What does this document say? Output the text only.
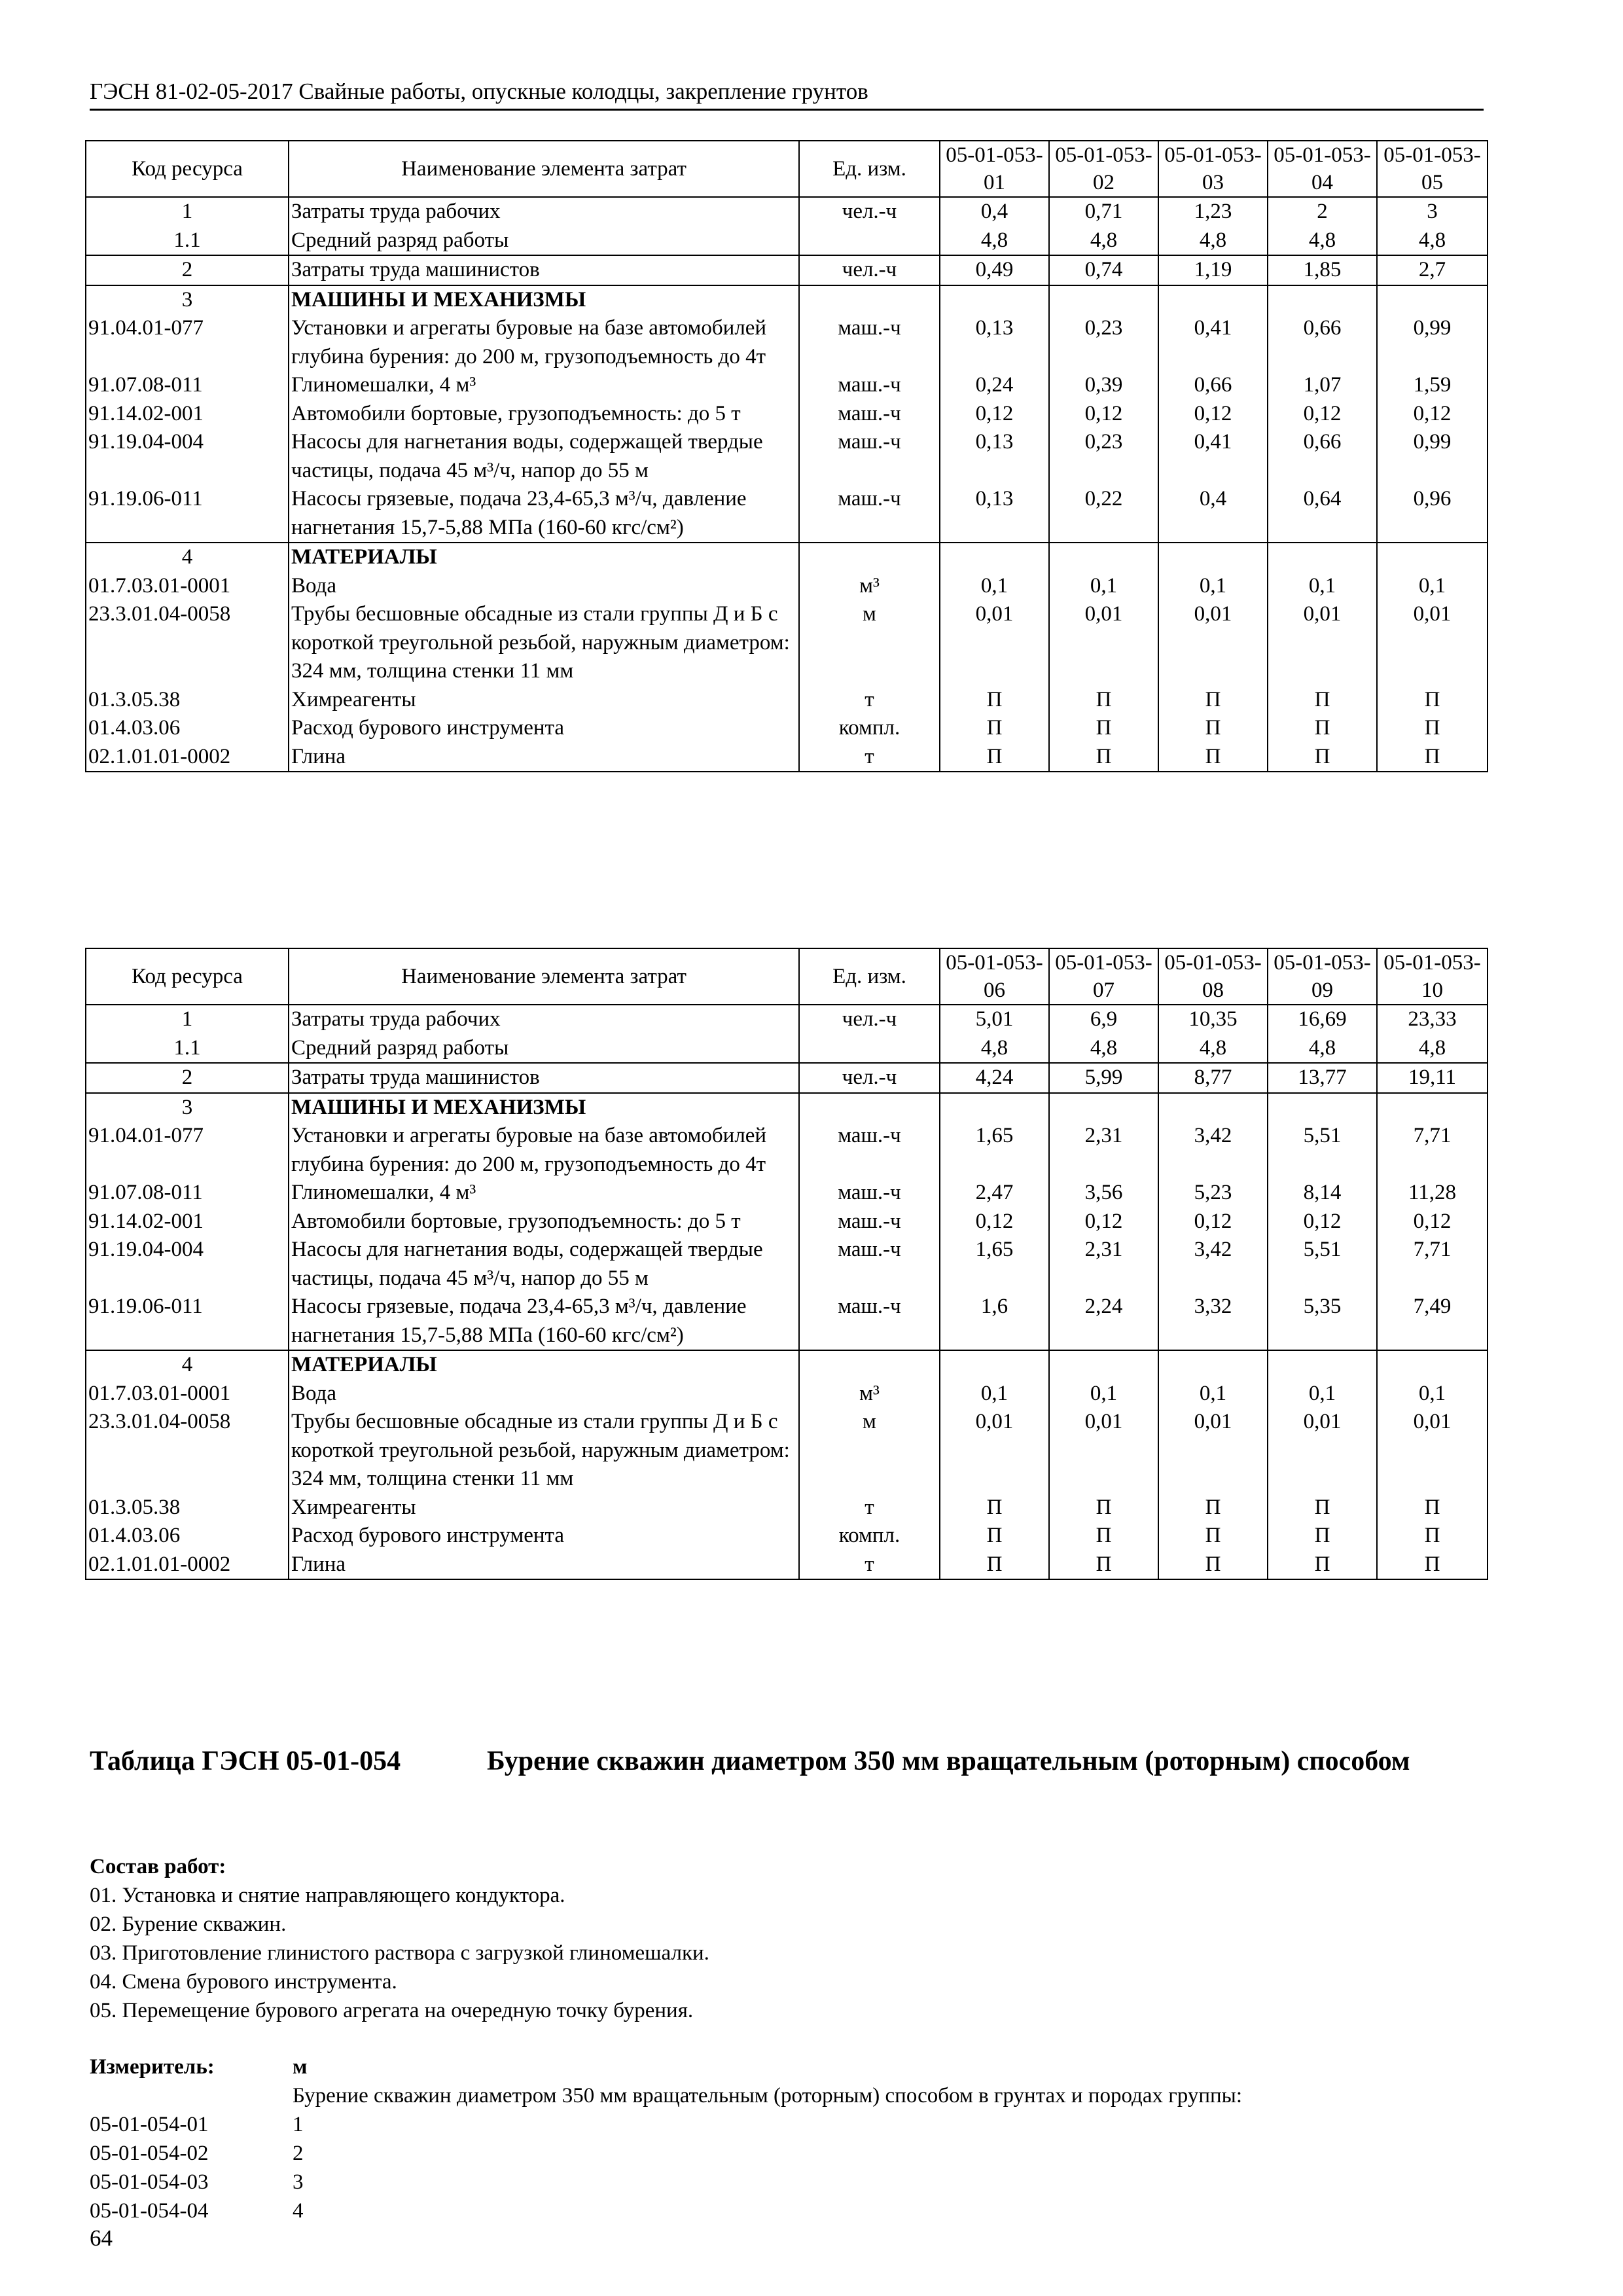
ГЭСН 81-02-05-2017 Свайные работы, опускные колодцы, закрепление грунтов
Код ресурса	Наименование элемента затрат	Ед. изм.	05-01-053-01	05-01-053-02	05-01-053-03	05-01-053-04	05-01-053-05
1	Затраты труда рабочих	чел.-ч	0,4	0,71	1,23	2	3
1.1	Средний разряд работы		4,8	4,8	4,8	4,8	4,8
2	Затраты труда машинистов	чел.-ч	0,49	0,74	1,19	1,85	2,7
3	МАШИНЫ И МЕХАНИЗМЫ						
91.04.01-077	Установки и агрегаты буровые на базе автомобилей глубина бурения: до 200 м, грузоподъемность до 4т	маш.-ч	0,13	0,23	0,41	0,66	0,99
91.07.08-011	Глиномешалки, 4 м³	маш.-ч	0,24	0,39	0,66	1,07	1,59
91.14.02-001	Автомобили бортовые, грузоподъемность: до 5 т	маш.-ч	0,12	0,12	0,12	0,12	0,12
91.19.04-004	Насосы для нагнетания воды, содержащей твердые частицы, подача 45 м³/ч, напор до 55 м	маш.-ч	0,13	0,23	0,41	0,66	0,99
91.19.06-011	Насосы грязевые, подача 23,4-65,3 м³/ч, давление нагнетания 15,7-5,88 МПа (160-60 кгс/см²)	маш.-ч	0,13	0,22	0,4	0,64	0,96
4	МАТЕРИАЛЫ						
01.7.03.01-0001	Вода	м³	0,1	0,1	0,1	0,1	0,1
23.3.01.04-0058	Трубы бесшовные обсадные из стали группы Д и Б с короткой треугольной резьбой, наружным диаметром: 324 мм, толщина стенки 11 мм	м	0,01	0,01	0,01	0,01	0,01
01.3.05.38	Химреагенты	т	П	П	П	П	П
01.4.03.06	Расход бурового инструмента	компл.	П	П	П	П	П
02.1.01.01-0002	Глина	т	П	П	П	П	П
Код ресурса	Наименование элемента затрат	Ед. изм.	05-01-053-06	05-01-053-07	05-01-053-08	05-01-053-09	05-01-053-10
1	Затраты труда рабочих	чел.-ч	5,01	6,9	10,35	16,69	23,33
1.1	Средний разряд работы		4,8	4,8	4,8	4,8	4,8
2	Затраты труда машинистов	чел.-ч	4,24	5,99	8,77	13,77	19,11
3	МАШИНЫ И МЕХАНИЗМЫ						
91.04.01-077	Установки и агрегаты буровые на базе автомобилей глубина бурения: до 200 м, грузоподъемность до 4т	маш.-ч	1,65	2,31	3,42	5,51	7,71
91.07.08-011	Глиномешалки, 4 м³	маш.-ч	2,47	3,56	5,23	8,14	11,28
91.14.02-001	Автомобили бортовые, грузоподъемность: до 5 т	маш.-ч	0,12	0,12	0,12	0,12	0,12
91.19.04-004	Насосы для нагнетания воды, содержащей твердые частицы, подача 45 м³/ч, напор до 55 м	маш.-ч	1,65	2,31	3,42	5,51	7,71
91.19.06-011	Насосы грязевые, подача 23,4-65,3 м³/ч, давление нагнетания 15,7-5,88 МПа (160-60 кгс/см²)	маш.-ч	1,6	2,24	3,32	5,35	7,49
4	МАТЕРИАЛЫ						
01.7.03.01-0001	Вода	м³	0,1	0,1	0,1	0,1	0,1
23.3.01.04-0058	Трубы бесшовные обсадные из стали группы Д и Б с короткой треугольной резьбой, наружным диаметром: 324 мм, толщина стенки 11 мм	м	0,01	0,01	0,01	0,01	0,01
01.3.05.38	Химреагенты	т	П	П	П	П	П
01.4.03.06	Расход бурового инструмента	компл.	П	П	П	П	П
02.1.01.01-0002	Глина	т	П	П	П	П	П
Таблица ГЭСН 05-01-054	Бурение скважин диаметром 350 мм вращательным (роторным) способом
Состав работ:
01. Установка и снятие направляющего кондуктора.
02. Бурение скважин.
03. Приготовление глинистого раствора с загрузкой глиномешалки.
04. Смена бурового инструмента.
05. Перемещение бурового агрегата на очередную точку бурения.
Измеритель:	м
Бурение скважин диаметром 350 мм вращательным (роторным) способом в грунтах и породах группы:
05-01-054-01	1
05-01-054-02	2
05-01-054-03	3
05-01-054-04	4
64
